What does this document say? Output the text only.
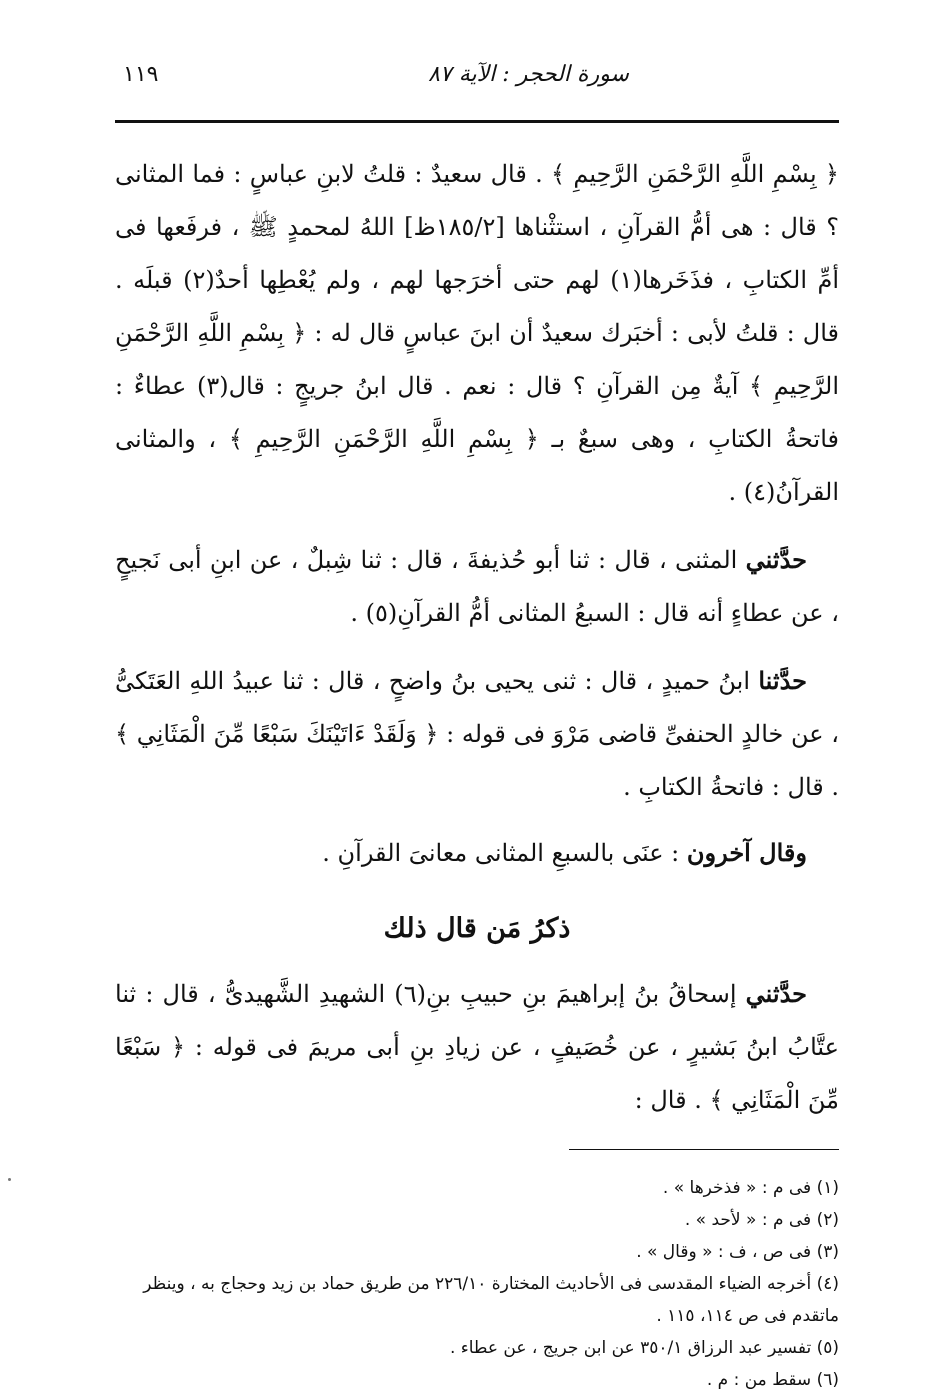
سورة الحجر : الآية ٨٧
١١٩

﴿ بِسْمِ اللَّهِ الرَّحْمَنِ الرَّحِيمِ ﴾ . قال سعيدٌ : قلتُ لابنِ عباسٍ : فما المثانى ؟ قال : هى أمُّ القرآنِ ، استثْناها [١٨٥/٢ظ] اللهُ لمحمدٍ ﷺ ، فرفَعها فى أمِّ الكتابِ ، فذَخَرها(١) لهم حتى أخرَجها لهم ، ولم يُعْطِها أحدٌ(٢) قبلَه . قال : قلتُ لأبى : أخبَرك سعيدٌ أن ابنَ عباسٍ قال له : ﴿ بِسْمِ اللَّهِ الرَّحْمَنِ الرَّحِيمِ ﴾ آيةٌ مِن القرآنِ ؟ قال : نعم . قال ابنُ جريجٍ : قال(٣) عطاءٌ : فاتحةُ الكتابِ ، وهى سبعٌ بـ ﴿ بِسْمِ اللَّهِ الرَّحْمَنِ الرَّحِيمِ ﴾ ، والمثانى القرآنُ(٤) .

حدَّثني المثنى ، قال : ثنا أبو حُذيفةَ ، قال : ثنا شِبلٌ ، عن ابنِ أبى نَجيحٍ ، عن عطاءٍ أنه قال : السبعُ المثانى أمُّ القرآنِ(٥) .

حدَّثنا ابنُ حميدٍ ، قال : ثنى يحيى بنُ واضحٍ ، قال : ثنا عبيدُ اللهِ العَتَكىُّ ، عن خالدٍ الحنفىِّ قاضى مَرْوَ فى قوله : ﴿ وَلَقَدْ ءَاتَيْنَكَ سَبْعًا مِّنَ الْمَثَانِي ﴾ . قال : فاتحةُ الكتابِ .

وقال آخرون : عنَى بالسبعِ المثانى معانىَ القرآنِ .

ذكرُ مَن قال ذلك

حدَّثني إسحاقُ بنُ إبراهيمَ بنِ حبيبِ بنِ(٦) الشهيدِ الشَّهيدىُّ ، قال : ثنا عتَّابُ ابنُ بَشيرٍ ، عن خُصَيفٍ ، عن زيادِ بنِ أبى مريمَ فى قوله : ﴿ سَبْعًا مِّنَ الْمَثَانِي ﴾ . قال :

(١) فى م : « فذخرها » .

(٢) فى م : « لأحد » .

(٣) فى ص ، ف : « وقال » .

(٤) أخرجه الضياء المقدسى فى الأحاديث المختارة ٢٢٦/١٠ من طريق حماد بن زيد وحجاج به ، وينظر ماتقدم فى ص ١١٤، ١١٥ .

(٥) تفسير عبد الرزاق ٣٥٠/١ عن ابن جريج ، عن عطاء .

(٦) سقط من : م .
